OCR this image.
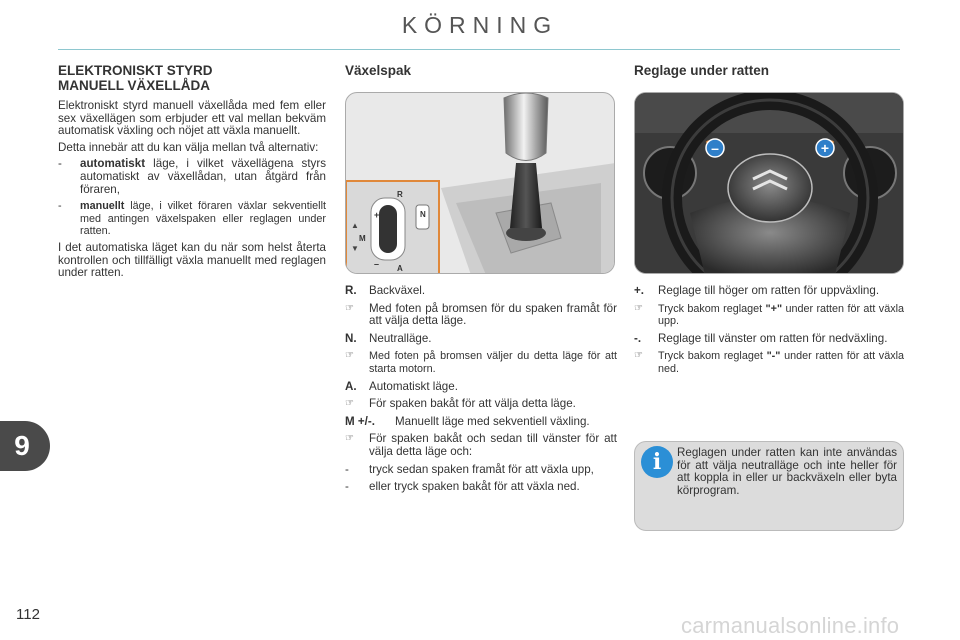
KÖRNING
ELEKTRONISKT STYRD
MANUELL VÄXELLÅDA

Elektroniskt styrd manuell växellåda med fem eller sex växellägen som erbjuder ett val mellan bekväm automatisk växling och nöjet att växla manuellt.

Detta innebär att du kan välja mellan två alternativ:

- automatiskt läge, i vilket växellägena styrs automatiskt av växellådan, utan åtgärd från föraren,
- manuellt läge, i vilket föraren växlar sekventiellt med antingen växelspaken eller reglagen under ratten.

I det automatiska läget kan du när som helst återta kontrollen och tillfälligt växla manuellt med reglagen under ratten.

Växelspak
▲
▼
R
N
A
M
+
–
R.	Backväxel.
☞	Med foten på bromsen för du spaken framåt för att välja detta läge.
N.	Neutralläge.
☞	Med foten på bromsen väljer du detta läge för att starta motorn.
A.	Automatiskt läge.
☞	För spaken bakåt för att välja detta läge.
M +/-.	Manuellt läge med sekventiell växling.
☞	För spaken bakåt och sedan till vänster för att välja detta läge och:
-	tryck sedan spaken framåt för att växla upp,
-	eller tryck spaken bakåt för att växla ned.
Reglage under ratten
–	+
+.	Reglage till höger om ratten för uppväxling.
☞	Tryck bakom reglaget "+" under ratten för att växla upp.
-.	Reglage till vänster om ratten för nedväxling.
☞	Tryck bakom reglaget "-" under ratten för att växla ned.
i	Reglagen under ratten kan inte användas för att välja neutralläge och inte heller för att koppla in eller ur backväxeln eller byta körprogram.
9
112	carmanualsonline.info
